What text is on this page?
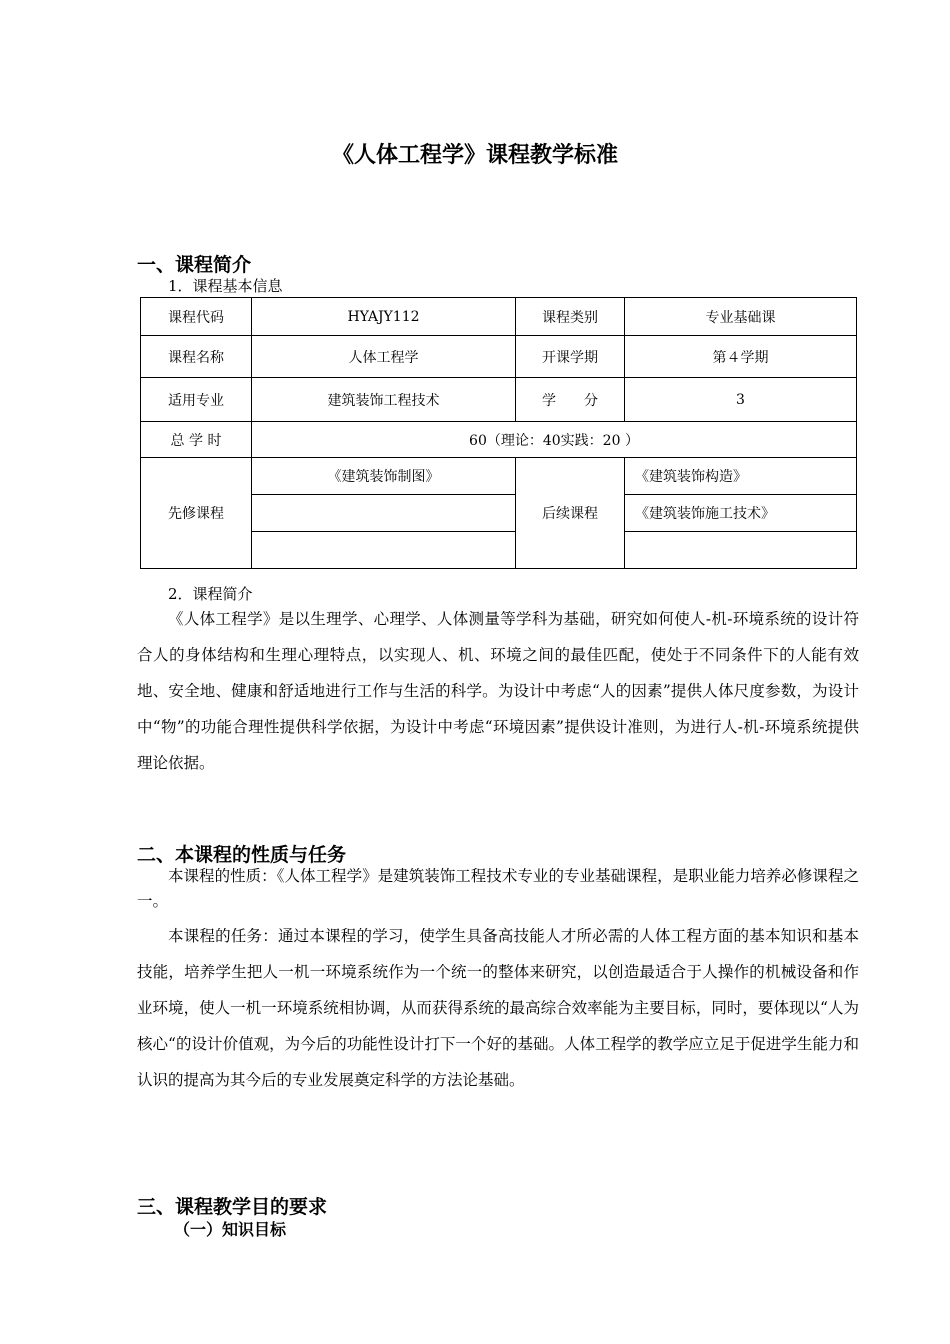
《人体工程学》课程教学标准
一、课程简介
1．课程基本信息
课程代码	HYAJY112	课程类别	专业基础课
课程名称	人体工程学	开课学期	第４学期
适用专业	建筑装饰工程技术	学　　分	3
总 学 时	60（理论：40实践：20 ）		
先修课程	《建筑装饰制图》	后续课程	《建筑装饰构造》
			《建筑装饰施工技术》

2．课程简介

《人体工程学》是以生理学、心理学、人体测量等学科为基础，研究如何使人-机-环境系统的设计符合人的身体结构和生理心理特点，以实现人、机、环境之间的最佳匹配，使处于不同条件下的人能有效地、安全地、健康和舒适地进行工作与生活的科学。为设计中考虑“人的因素”提供人体尺度参数，为设计中“物”的功能合理性提供科学依据，为设计中考虑“环境因素”提供设计准则，为进行人-机-环境系统提供理论依据。

二、本课程的性质与任务

本课程的性质：《人体工程学》是建筑装饰工程技术专业的专业基础课程，是职业能力培养必修课程之一。

本课程的任务：通过本课程的学习，使学生具备高技能人才所必需的人体工程方面的基本知识和基本技能，培养学生把人一机一环境系统作为一个统一的整体来研究，以创造最适合于人操作的机械设备和作业环境，使人一机一环境系统相协调，从而获得系统的最高综合效率能为主要目标，同时，要体现以“人为核心“的设计价值观，为今后的功能性设计打下一个好的基础。人体工程学的教学应立足于促进学生能力和认识的提高为其今后的专业发展奠定科学的方法论基础。

三、课程教学目的要求
（一）知识目标
